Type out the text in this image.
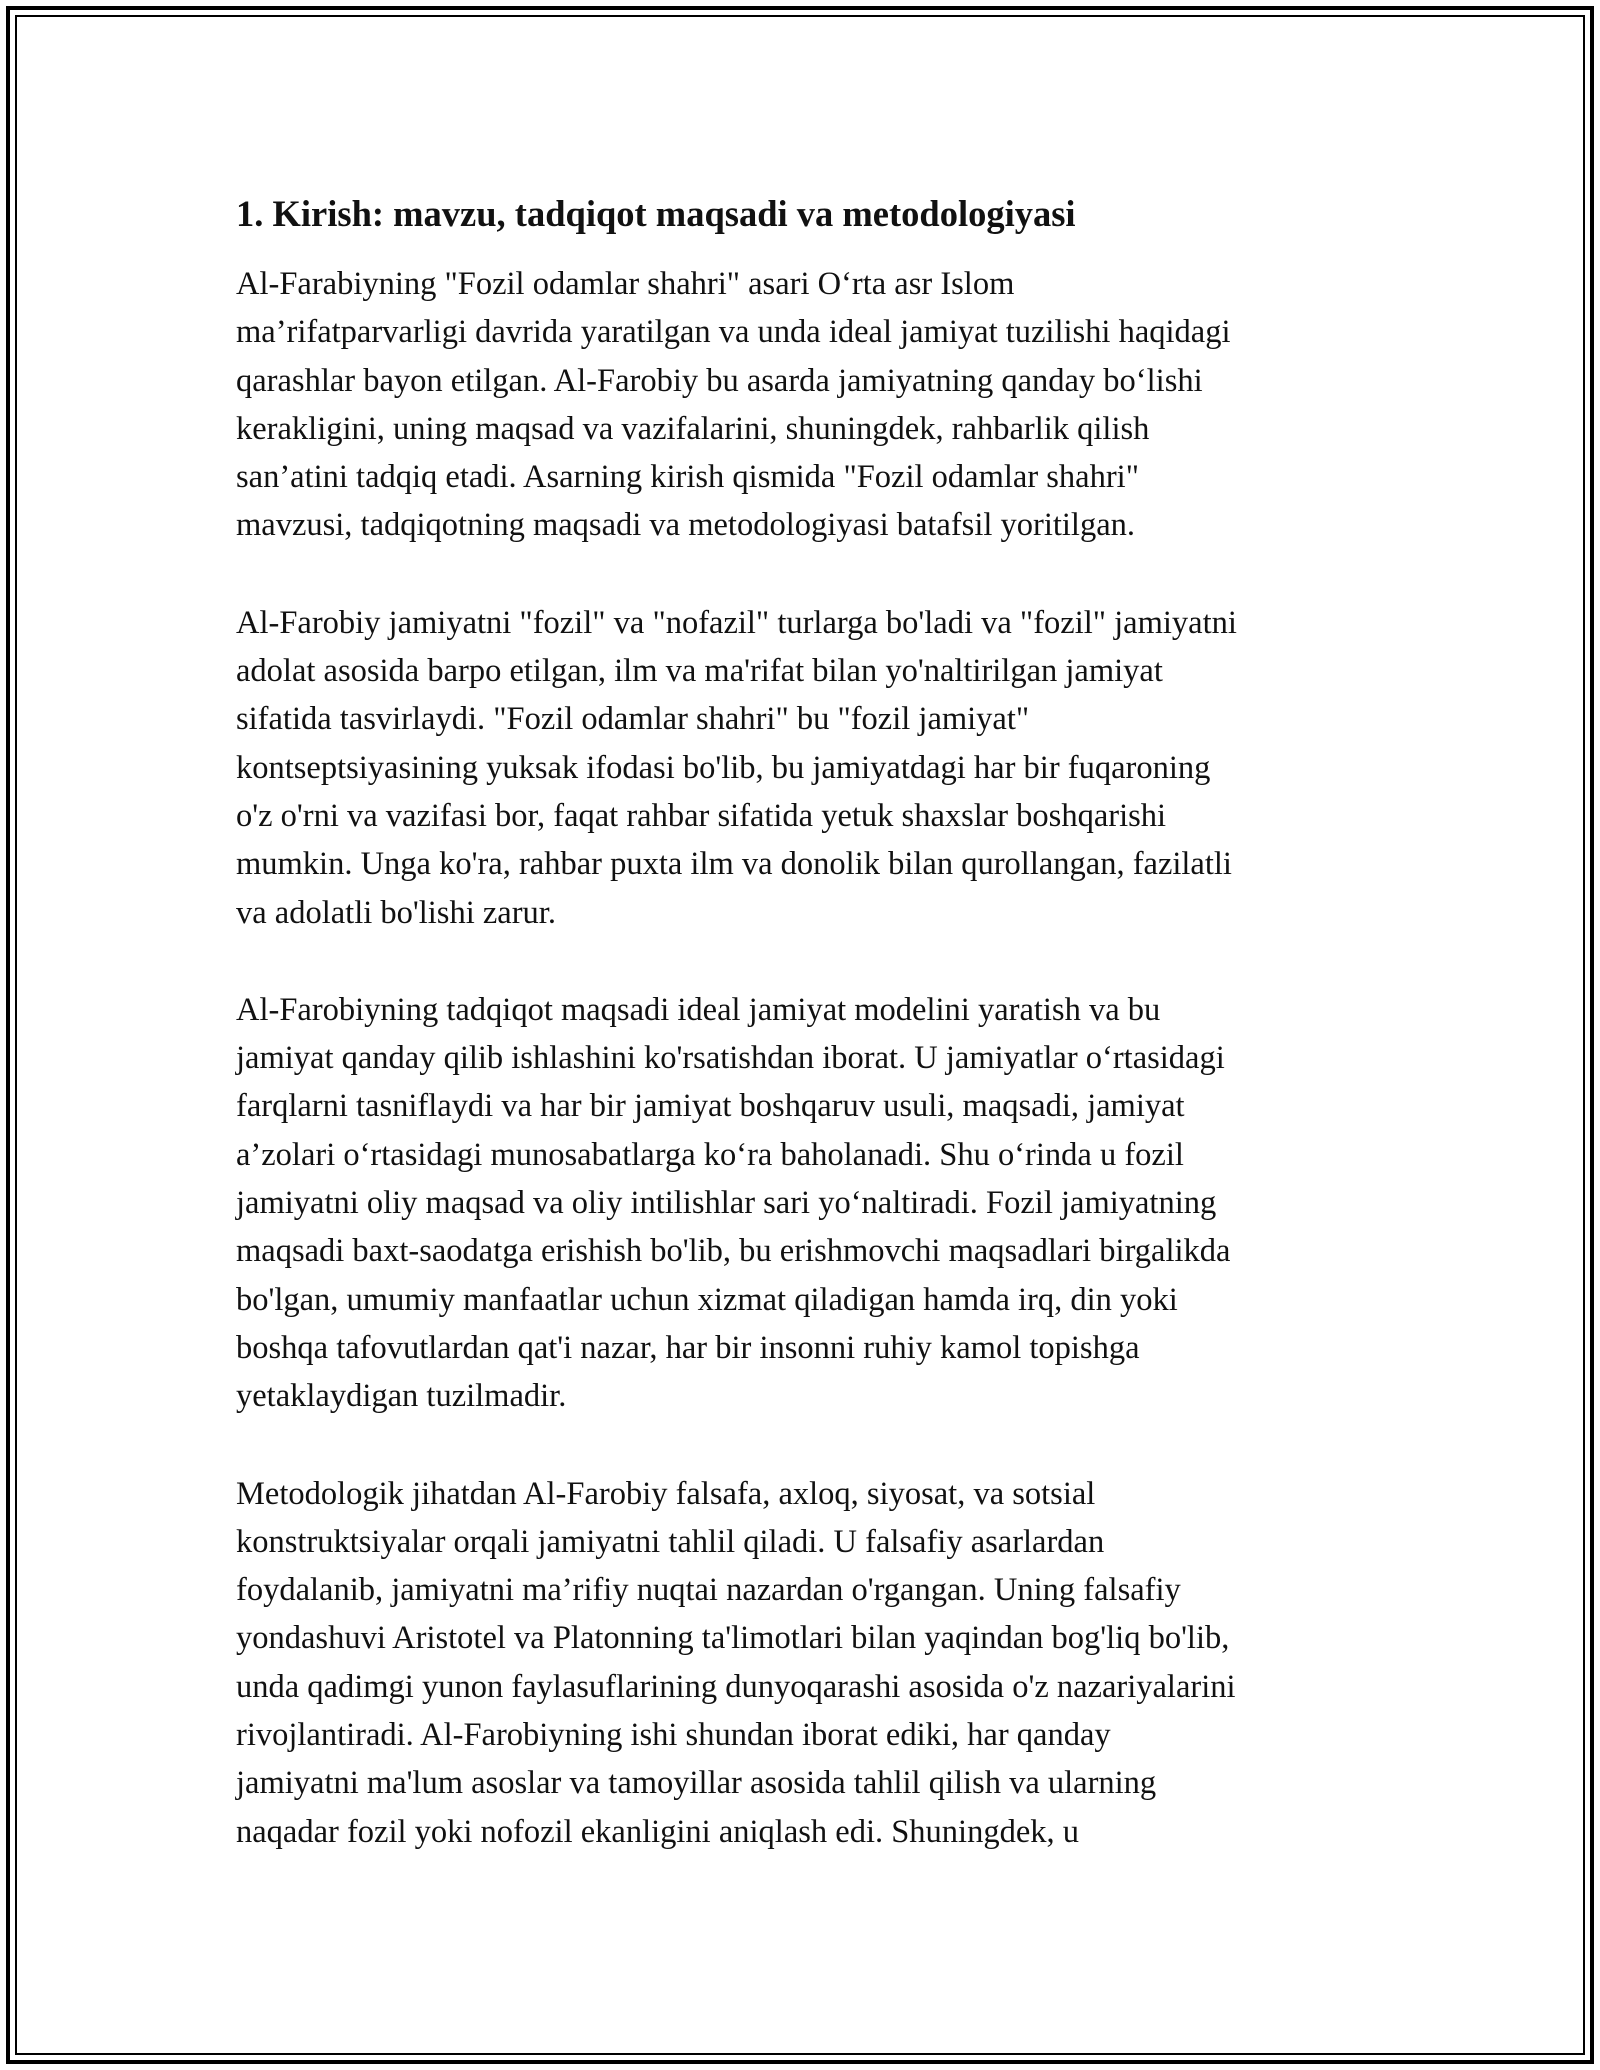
1. Kirish: mavzu, tadqiqot maqsadi va metodologiyasi

Al-Farabiyning "Fozil odamlar shahri" asari O‘rta asr Islom
ma’rifatparvarligi davrida yaratilgan va unda ideal jamiyat tuzilishi haqidagi
qarashlar bayon etilgan. Al-Farobiy bu asarda jamiyatning qanday bo‘lishi
kerakligini, uning maqsad va vazifalarini, shuningdek, rahbarlik qilish
san’atini tadqiq etadi. Asarning kirish qismida "Fozil odamlar shahri"
mavzusi, tadqiqotning maqsadi va metodologiyasi batafsil yoritilgan.

Al-Farobiy jamiyatni "fozil" va "nofazil" turlarga bo'ladi va "fozil" jamiyatni
adolat asosida barpo etilgan, ilm va ma'rifat bilan yo'naltirilgan jamiyat
sifatida tasvirlaydi. "Fozil odamlar shahri" bu "fozil jamiyat"
kontseptsiyasining yuksak ifodasi bo'lib, bu jamiyatdagi har bir fuqaroning
o'z o'rni va vazifasi bor, faqat rahbar sifatida yetuk shaxslar boshqarishi
mumkin. Unga ko'ra, rahbar puxta ilm va donolik bilan qurollangan, fazilatli
va adolatli bo'lishi zarur.

Al-Farobiyning tadqiqot maqsadi ideal jamiyat modelini yaratish va bu
jamiyat qanday qilib ishlashini ko'rsatishdan iborat. U jamiyatlar o‘rtasidagi
farqlarni tasniflaydi va har bir jamiyat boshqaruv usuli, maqsadi, jamiyat
a’zolari o‘rtasidagi munosabatlarga ko‘ra baholanadi. Shu o‘rinda u fozil
jamiyatni oliy maqsad va oliy intilishlar sari yo‘naltiradi. Fozil jamiyatning
maqsadi baxt-saodatga erishish bo'lib, bu erishmovchi maqsadlari birgalikda
bo'lgan, umumiy manfaatlar uchun xizmat qiladigan hamda irq, din yoki
boshqa tafovutlardan qat'i nazar, har bir insonni ruhiy kamol topishga
yetaklaydigan tuzilmadir.

Metodologik jihatdan Al-Farobiy falsafa, axloq, siyosat, va sotsial
konstruktsiyalar orqali jamiyatni tahlil qiladi. U falsafiy asarlardan
foydalanib, jamiyatni ma’rifiy nuqtai nazardan o'rgangan. Uning falsafiy
yondashuvi Aristotel va Platonning ta'limotlari bilan yaqindan bog'liq bo'lib,
unda qadimgi yunon faylasuflarining dunyoqarashi asosida o'z nazariyalarini
rivojlantiradi. Al-Farobiyning ishi shundan iborat ediki, har qanday
jamiyatni ma'lum asoslar va tamoyillar asosida tahlil qilish va ularning
naqadar fozil yoki nofozil ekanligini aniqlash edi. Shuningdek, u
